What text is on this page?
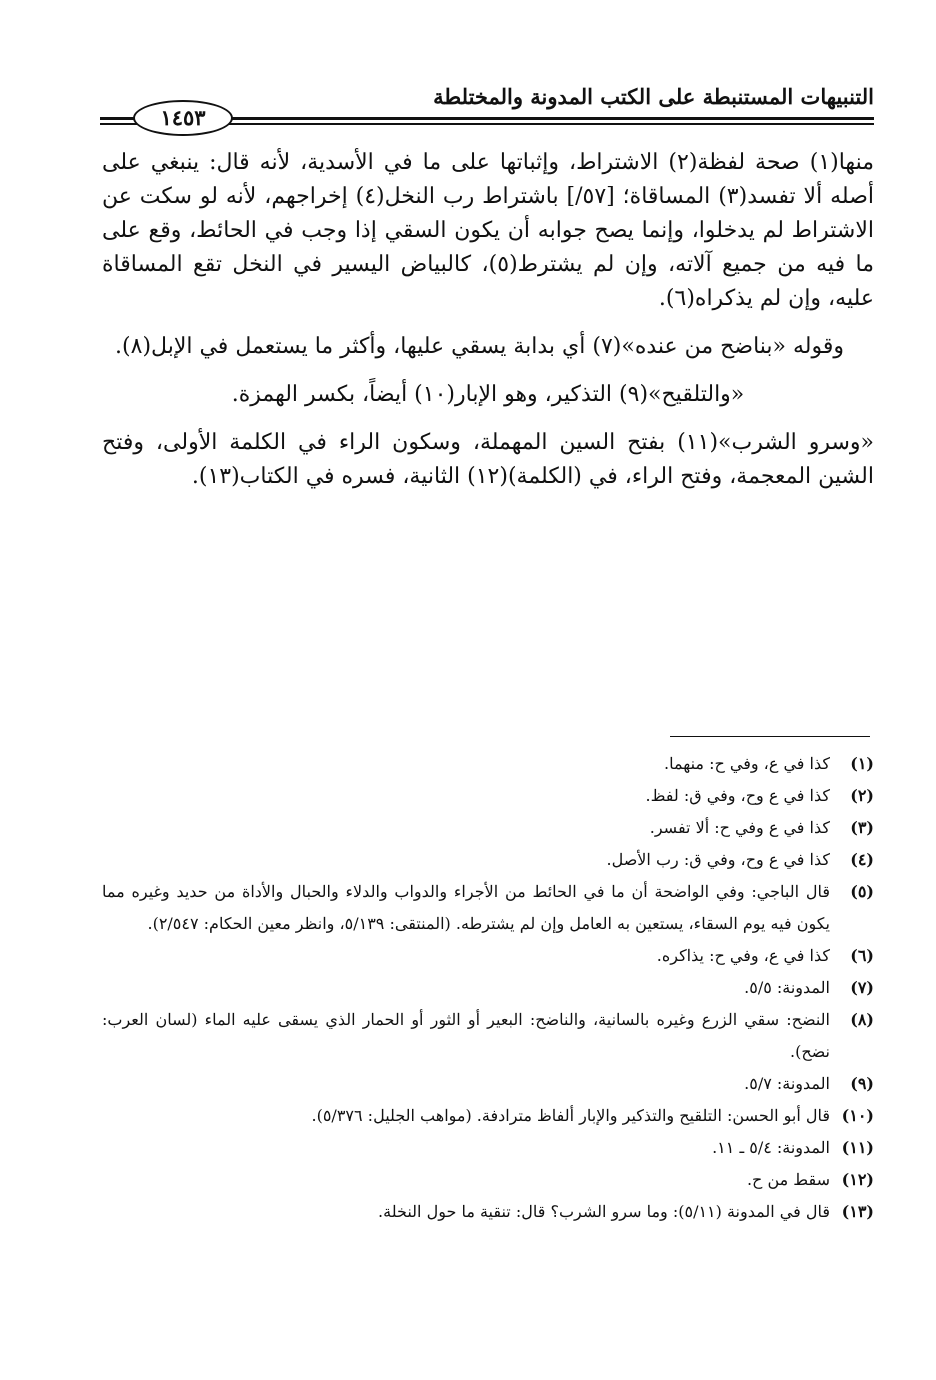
التنبيهات المستنبطة على الكتب المدونة والمختلطة
١٤٥٣

منها(١) صحة لفظة(٢) الاشتراط، وإثباتها على ما في الأسدية، لأنه قال: ينبغي على أصله ألا تفسد(٣) المساقاة؛ [٥٧/] باشتراط رب النخل(٤) إخراجهم، لأنه لو سكت عن الاشتراط لم يدخلوا، وإنما يصح جوابه أن يكون السقي إذا وجب في الحائط، وقع على ما فيه من جميع آلاته، وإن لم يشترط(٥)، كالبياض اليسير في النخل تقع المساقاة عليه، وإن لم يذكراه(٦).

وقوله «بناضح من عنده»(٧) أي بدابة يسقي عليها، وأكثر ما يستعمل في الإبل(٨).

«والتلقيح»(٩) التذكير، وهو الإبار(١٠) أيضاً، بكسر الهمزة.

«وسرو الشرب»(١١) بفتح السين المهملة، وسكون الراء في الكلمة الأولى، وفتح الشين المعجمة، وفتح الراء، في (الكلمة)(١٢) الثانية، فسره في الكتاب(١٣).

(١)
كذا في ع، وفي ح: منهما.
(٢)
كذا في ع وح، وفي ق: لفظ.
(٣)
كذا في ع وفي ح: ألا تفسر.
(٤)
كذا في ع وح، وفي ق: رب الأصل.
(٥)
قال الباجي: وفي الواضحة أن ما في الحائط من الأجراء والدواب والدلاء والحبال والأداة من حديد وغيره مما يكون فيه يوم السقاء، يستعين به العامل وإن لم يشترطه. (المنتقى: ٥/١٣٩، وانظر معين الحكام: ٢/٥٤٧).
(٦)
كذا في ع، وفي ح: يذاكره.
(٧)
المدونة: ٥/٥.
(٨)
النضح: سقي الزرع وغيره بالسانية، والناضح: البعير أو الثور أو الحمار الذي يسقى عليه الماء (لسان العرب: نضح).
(٩)
المدونة: ٥/٧.
(١٠)
قال أبو الحسن: التلقيح والتذكير والإبار ألفاظ مترادفة. (مواهب الجليل: ٥/٣٧٦).
(١١)
المدونة: ٥/٤ ـ ١١.
(١٢)
سقط من ح.
(١٣)
قال في المدونة (٥/١١): وما سرو الشرب؟ قال: تنقية ما حول النخلة.
